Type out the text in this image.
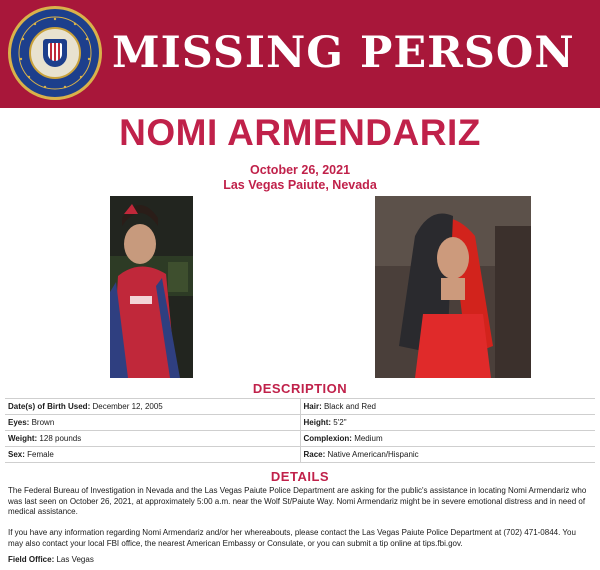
MISSING PERSON
NOMI ARMENDARIZ
October 26, 2021
Las Vegas Paiute, Nevada
DESCRIPTION
Date(s) of Birth Used: December 12, 2005	Hair: Black and Red
Eyes: Brown	Height: 5'2"
Weight: 128 pounds	Complexion: Medium
Sex: Female	Race: Native American/Hispanic
DETAILS
The Federal Bureau of Investigation in Nevada and the Las Vegas Paiute Police Department are asking for the public's assistance in locating Nomi Armendariz who was last seen on October 26, 2021, at approximately 5:00 a.m. near the Wolf St/Paiute Way. Nomi Armendariz might be in severe emotional distress and in need of medical assistance.
If you have any information regarding Nomi Armendariz and/or her whereabouts, please contact the Las Vegas Paiute Police Department at (702) 471-0844. You may also contact your local FBI office, the nearest American Embassy or Consulate, or you can submit a tip online at tips.fbi.gov.
Field Office: Las Vegas
